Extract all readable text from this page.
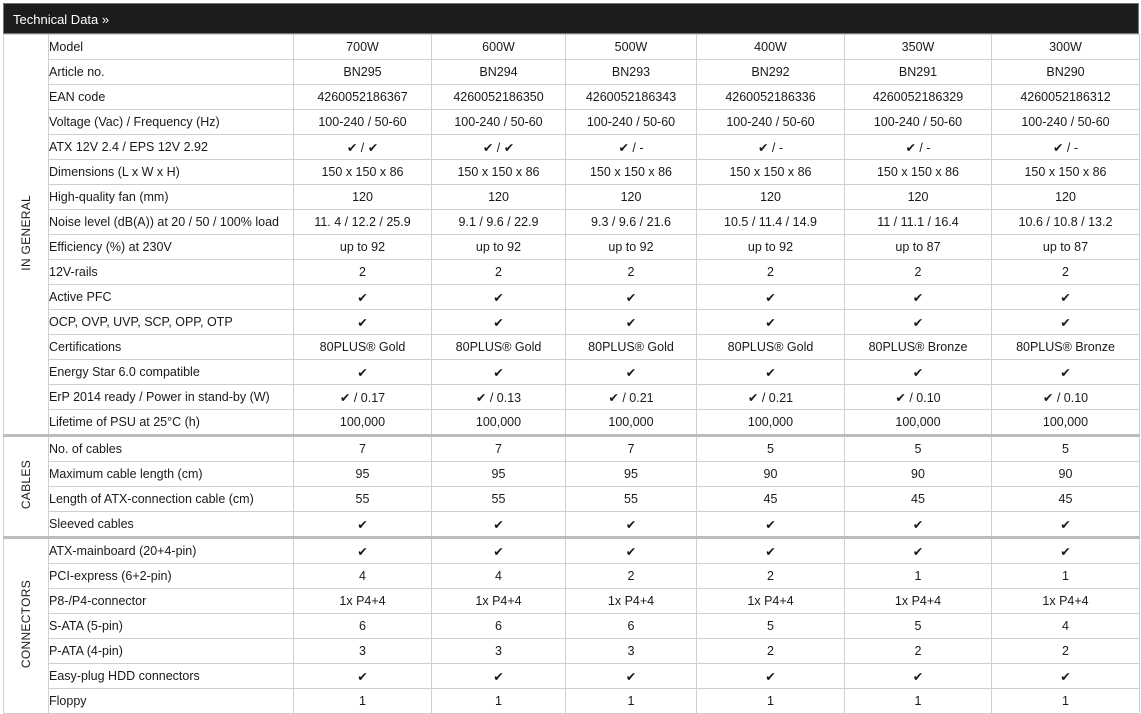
Technical Data »
IN GENERAL	Model	700W	600W	500W	400W	350W	300W
	Article no.	BN295	BN294	BN293	BN292	BN291	BN290
	EAN code	4260052186367	4260052186350	4260052186343	4260052186336	4260052186329	4260052186312
	Voltage (Vac) / Frequency (Hz)	100-240 / 50-60	100-240 / 50-60	100-240 / 50-60	100-240 / 50-60	100-240 / 50-60	100-240 / 50-60
	ATX 12V 2.4 / EPS 12V 2.92	✔ / ✔	✔ / ✔	✔ / -	✔ / -	✔ / -	✔ / -
	Dimensions (L x W x H)	150 x 150 x 86	150 x 150 x 86	150 x 150 x 86	150 x 150 x 86	150 x 150 x 86	150 x 150 x 86
	High-quality fan (mm)	120	120	120	120	120	120
	Noise level (dB(A)) at 20 / 50 / 100% load	11. 4 / 12.2 / 25.9	9.1 / 9.6 / 22.9	9.3 / 9.6 / 21.6	10.5 / 11.4 / 14.9	11 / 11.1 / 16.4	10.6 / 10.8 / 13.2
	Efficiency (%) at 230V	up to 92	up to 92	up to 92	up to 92	up to 87	up to 87
	12V-rails	2	2	2	2	2	2
	Active PFC	✔	✔	✔	✔	✔	✔
	OCP, OVP, UVP, SCP, OPP, OTP	✔	✔	✔	✔	✔	✔
	Certifications	80PLUS® Gold	80PLUS® Gold	80PLUS® Gold	80PLUS® Gold	80PLUS® Bronze	80PLUS® Bronze
	Energy Star 6.0 compatible	✔	✔	✔	✔	✔	✔
	ErP 2014 ready / Power in stand-by (W)	✔ / 0.17	✔ / 0.13	✔ / 0.21	✔ / 0.21	✔ / 0.10	✔ / 0.10
	Lifetime of PSU at 25°C (h)	100,000	100,000	100,000	100,000	100,000	100,000
CABLES	No. of cables	7	7	7	5	5	5
	Maximum cable length (cm)	95	95	95	90	90	90
	Length of ATX-connection cable (cm)	55	55	55	45	45	45
	Sleeved cables	✔	✔	✔	✔	✔	✔
CONNECTORS	ATX-mainboard (20+4-pin)	✔	✔	✔	✔	✔	✔
	PCI-express (6+2-pin)	4	4	2	2	1	1
	P8-/P4-connector	1x P4+4	1x P4+4	1x P4+4	1x P4+4	1x P4+4	1x P4+4
	S-ATA (5-pin)	6	6	6	5	5	4
	P-ATA (4-pin)	3	3	3	2	2	2
	Easy-plug HDD connectors	✔	✔	✔	✔	✔	✔
	Floppy	1	1	1	1	1	1
